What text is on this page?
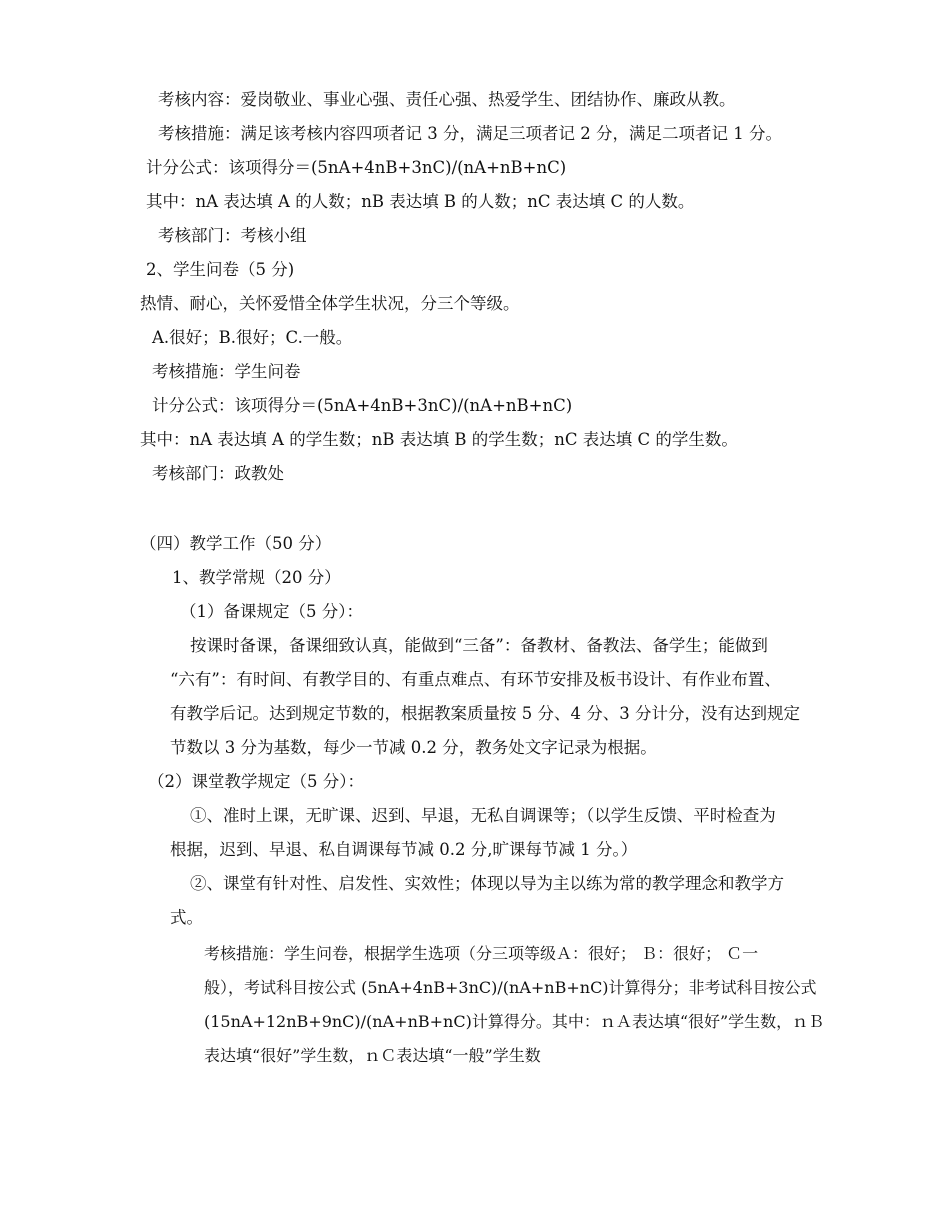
考核内容：爱岗敬业、事业心强、责任心强、热爱学生、团结协作、廉政从教。
考核措施：满足该考核内容四项者记 3 分，满足三项者记 2 分，满足二项者记 1 分。
计分公式：该项得分＝(5nA+4nB+3nC)/(nA+nB+nC)
其中：nA 表达填 A 的人数；nB 表达填 B 的人数；nC 表达填 C 的人数。
考核部门：考核小组
2、学生问卷（5 分)
热情、耐心，关怀爱惜全体学生状况，分三个等级。
A.很好；B.很好；C.一般。
考核措施：学生问卷
计分公式：该项得分＝(5nA+4nB+3nC)/(nA+nB+nC)
其中：nA 表达填 A 的学生数；nB 表达填 B 的学生数；nC 表达填 C 的学生数。
考核部门：政教处
（四）教学工作（50 分）
1、教学常规（20 分）
（1）备课规定（5 分）：
按课时备课，备课细致认真，能做到“三备”：备教材、备教法、备学生；能做到
“六有”：有时间、有教学目的、有重点难点、有环节安排及板书设计、有作业布置、
有教学后记。达到规定节数的，根据教案质量按 5 分、4 分、3 分计分，没有达到规定
节数以 3 分为基数，每少一节减 0.2 分，教务处文字记录为根据。
（2）课堂教学规定（5 分）：
①、准时上课，无旷课、迟到、早退，无私自调课等；（以学生反馈、平时检查为
根据，迟到、早退、私自调课每节减 0.2 分,旷课每节减 1 分。）
②、课堂有针对性、启发性、实效性；体现以导为主以练为常的教学理念和教学方
式。
考核措施：学生问卷，根据学生选项（分三项等级Ａ：很好； Ｂ：很好； Ｃ一
般），考试科目按公式 (5nA+4nB+3nC)/(nA+nB+nC)计算得分；非考试科目按公式
(15nA+12nB+9nC)/(nA+nB+nC)计算得分。其中：ｎＡ表达填“很好”学生数，ｎＢ
表达填“很好”学生数，ｎＣ表达填“一般”学生数
